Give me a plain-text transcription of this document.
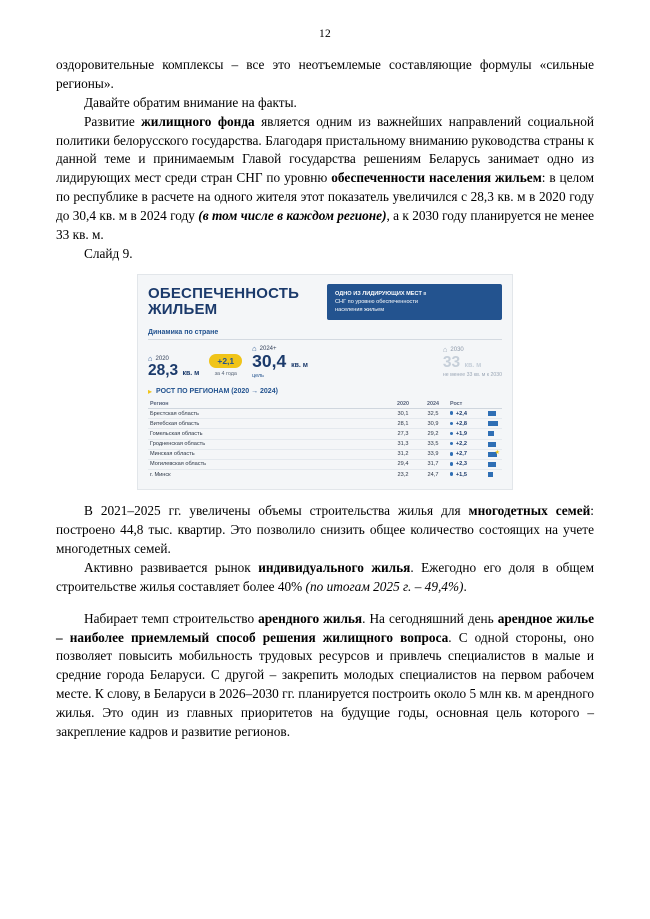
12

оздоровительные комплексы – все это неотъемлемые составляющие формулы «сильные регионы».

Давайте обратим внимание на факты.

Развитие жилищного фонда является одним из важнейших направлений социальной политики белорусского государства. Благодаря пристальному вниманию руководства страны к данной теме и принимаемым Главой государства решениям Беларусь занимает одно из лидирующих мест среди стран СНГ по уровню обеспеченности населения жильем: в целом по республике в расчете на одного жителя этот показатель увеличился с 28,3 кв. м в 2020 году до 30,4 кв. м в 2024 году (в том числе в каждом регионе), а к 2030 году планируется не менее 33 кв. м.

Слайд 9.

ОБЕСПЕЧЕННОСТЬ
ЖИЛЬЕМ
ОДНО ИЗ ЛИДИРУЮЩИХ МЕСТ в
СНГ по уровню обеспеченности
населения жильем
Динамика по стране
⌂ 2020
28,3 кв. м
+2,1
за 4 года
⌂ 2024+
30,4 кв. м
цель
⌂ 2030
33 кв. м
не менее 33 кв. м к 2030
▸ РОСТ ПО РЕГИОНАМ (2020 → 2024)
Регион	2020	2024	Рост	
Брестская область	30,1	32,5	+2,4	

Витебская область	28,1	30,9	+2,8	

Гомельская область	27,3	29,2	+1,9	

Гродненская область	31,3	33,5	+2,2	

Минская область	31,2	33,9	+2,7	
★
Могилевская область	29,4	31,7	+2,3	

г. Минск	23,2	24,7	+1,5	

В 2021–2025 гг. увеличены объемы строительства жилья для многодетных семей: построено 44,8 тыс. квартир. Это позволило снизить общее количество состоящих на учете многодетных семей.

Активно развивается рынок индивидуального жилья. Ежегодно его доля в общем строительстве жилья составляет более 40% (по итогам 2025 г. – 49,4%).

Набирает темп строительство арендного жилья. На сегодняшний день арендное жилье – наиболее приемлемый способ решения жилищного вопроса. С одной стороны, оно позволяет повысить мобильность трудовых ресурсов и привлечь специалистов в малые и средние города Беларуси. С другой – закрепить молодых специалистов на первом рабочем месте. К слову, в Беларуси в 2026–2030 гг. планируется построить около 5 млн кв. м арендного жилья. Это один из главных приоритетов на будущие годы, основная цель которого – закрепление кадров и развитие регионов.
